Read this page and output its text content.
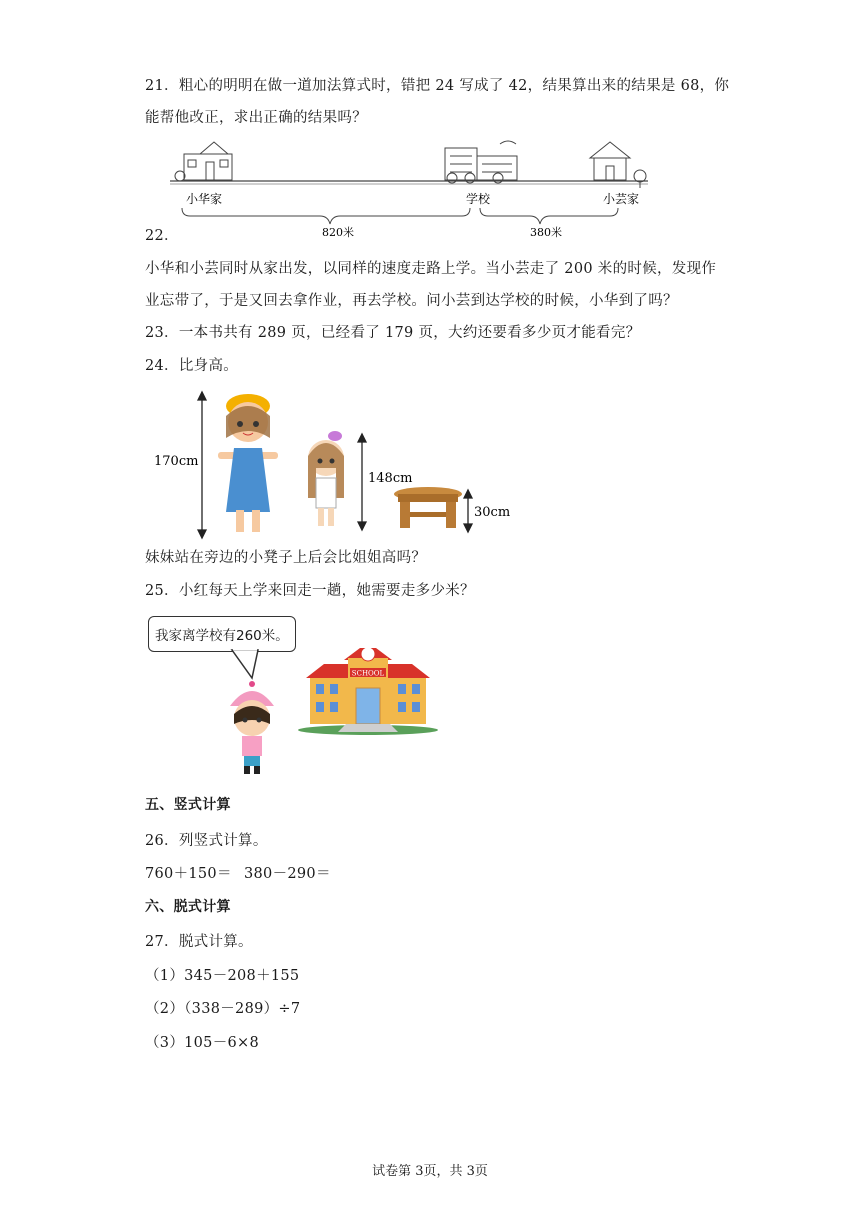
21．粗心的明明在做一道加法算式时，错把 24 写成了 42，结果算出来的结果是 68，你
能帮他改正，求出正确的结果吗？
小华家	学校	小芸家
820米	380米
22．
小华和小芸同时从家出发，以同样的速度走路上学。当小芸走了 200 米的时候，发现作
业忘带了，于是又回去拿作业，再去学校。问小芸到达学校的时候，小华到了吗？
23．一本书共有 289 页，已经看了 179 页，大约还要看多少页才能看完？
24．比身高。
170cm
148cm
30cm
妹妹站在旁边的小凳子上后会比姐姐高吗？
25．小红每天上学来回走一趟，她需要走多少米？
我家离学校有260米。
SCHOOL
五、竖式计算
26．列竖式计算。
760＋150＝ 380－290＝
六、脱式计算
27．脱式计算。
（1）345－208＋155
（2）（338－289）÷7
（3）105－6×8
试卷第 3页，共 3页
